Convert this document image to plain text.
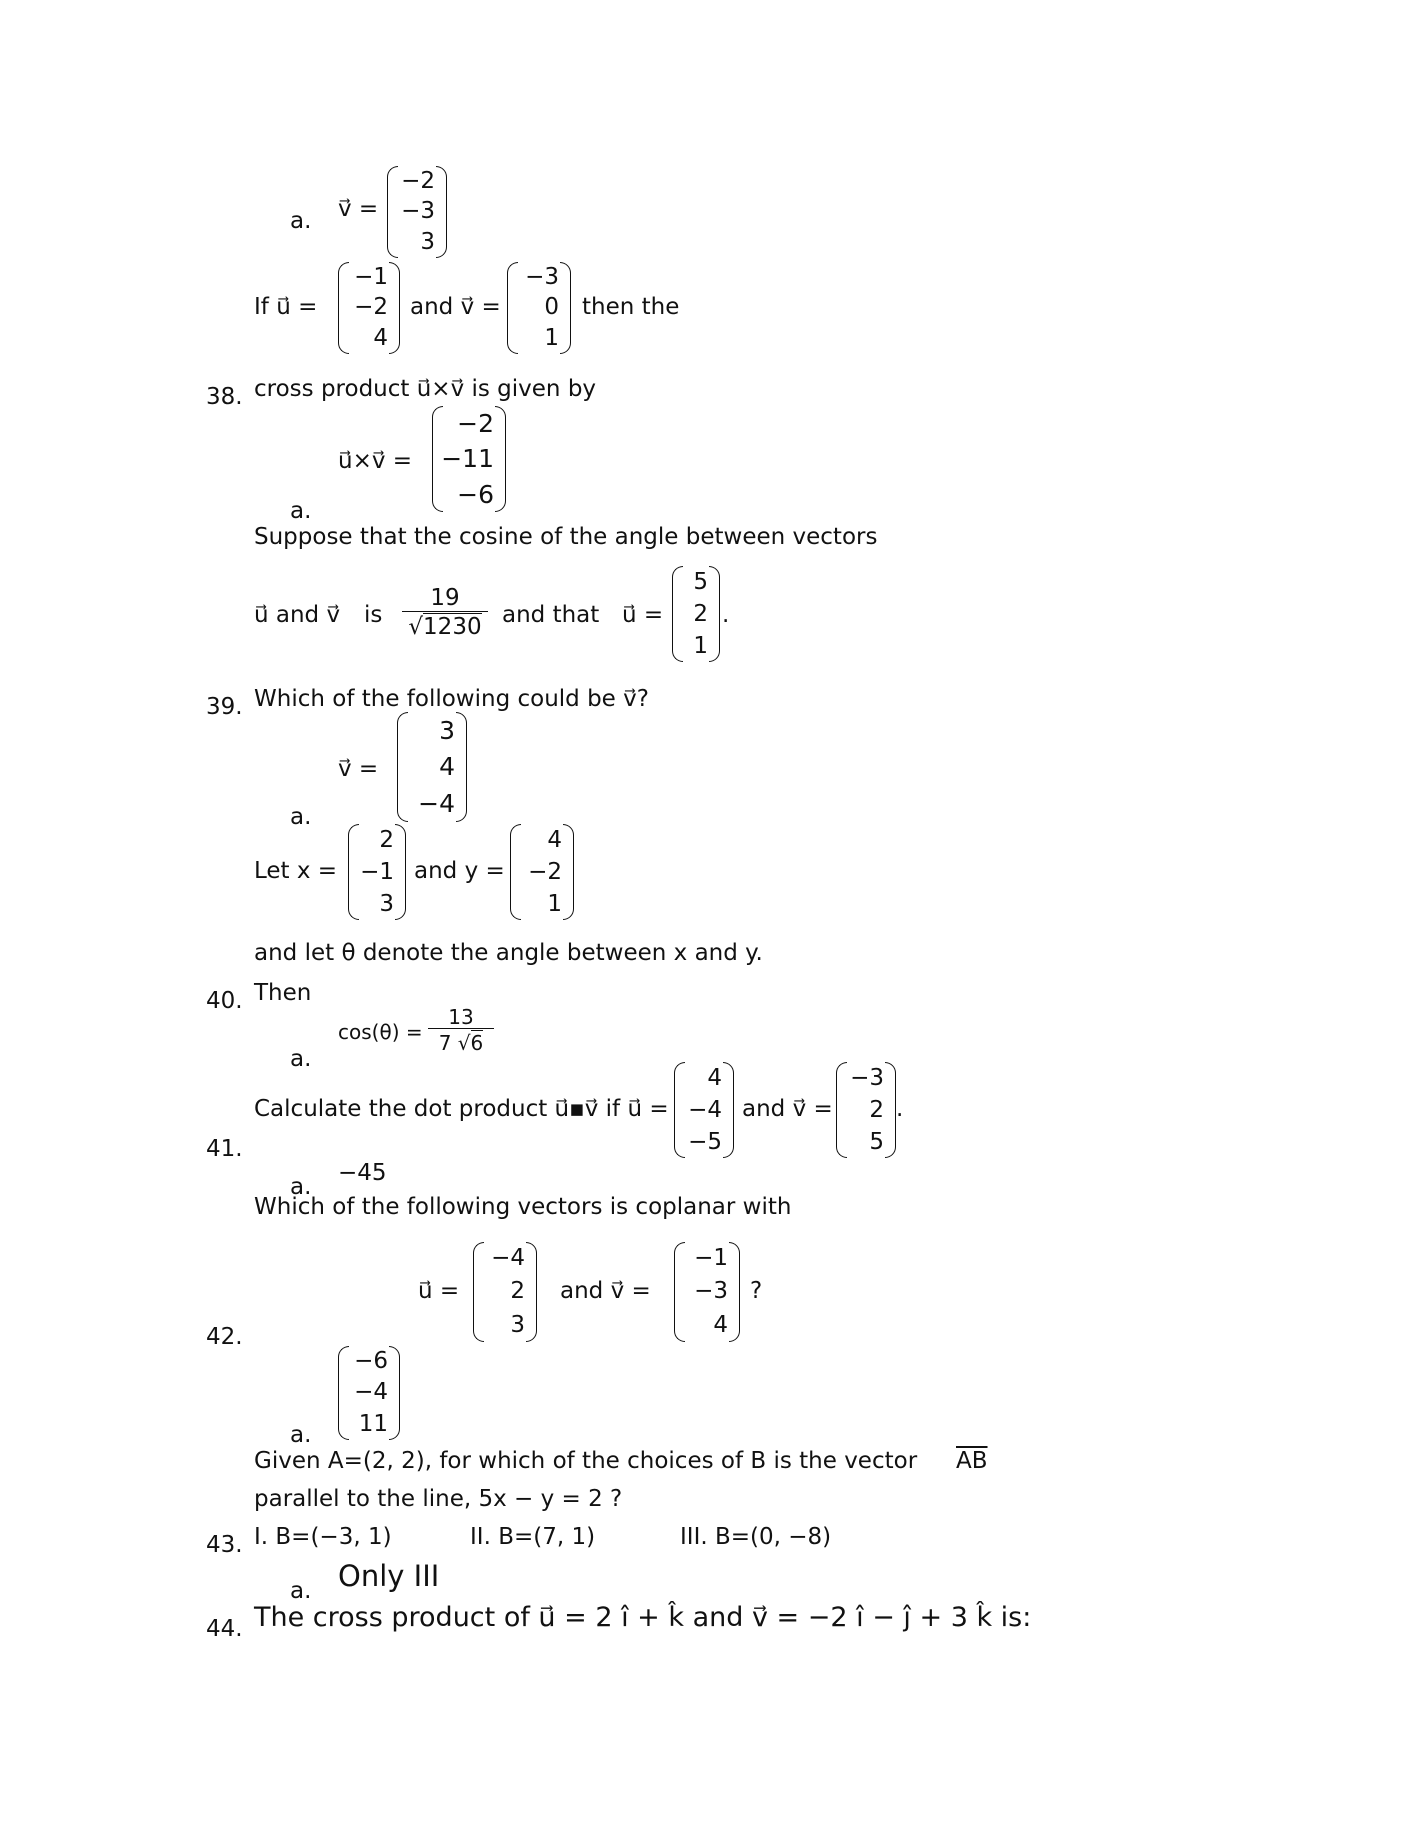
a. v⃗ =
−2
−3
3
If u⃗ =
−1
−2
4
and v⃗ =
−3
0
1
then the
38. cross product u⃗×v⃗ is given by
a.
u⃗×v⃗ =
−2
−11
−6
Suppose that the cosine of the angle between vectors
u⃗ and v⃗ is $\frac{19}{√1230}$ and that u⃗ =
5
2
1
.
39. Which of the following could be v⃗?
a.
v⃗ =
3
4
−4
Let x =
2
−1
3
and y =
4
−2
1
and let θ denote the angle between x and y.
40. Then
a.
$\cos(\theta) = \frac{13}{7 √6}$
Calculate the dot product u⃗▪v⃗ if u⃗ =
4
−4
−5
and v⃗ =
−3
2
5
.
41.
a.
−45
Which of the following vectors is coplanar with
u⃗ =
−4
2
3
and v⃗ =
−1
−3
4
?
42.
a.
−6
−4
11
Given A=(2, 2), for which of the choices of B is the vector $\overline{AB}$
parallel to the line, 5x − y = 2 ?
43. I. B=(−3, 1)	II. B=(7, 1)	III. B=(0, −8)
a. Only III
44. The cross product of u⃗ = 2 î + k̂ and v⃗ = −2 î − ĵ + 3 k̂ is:
